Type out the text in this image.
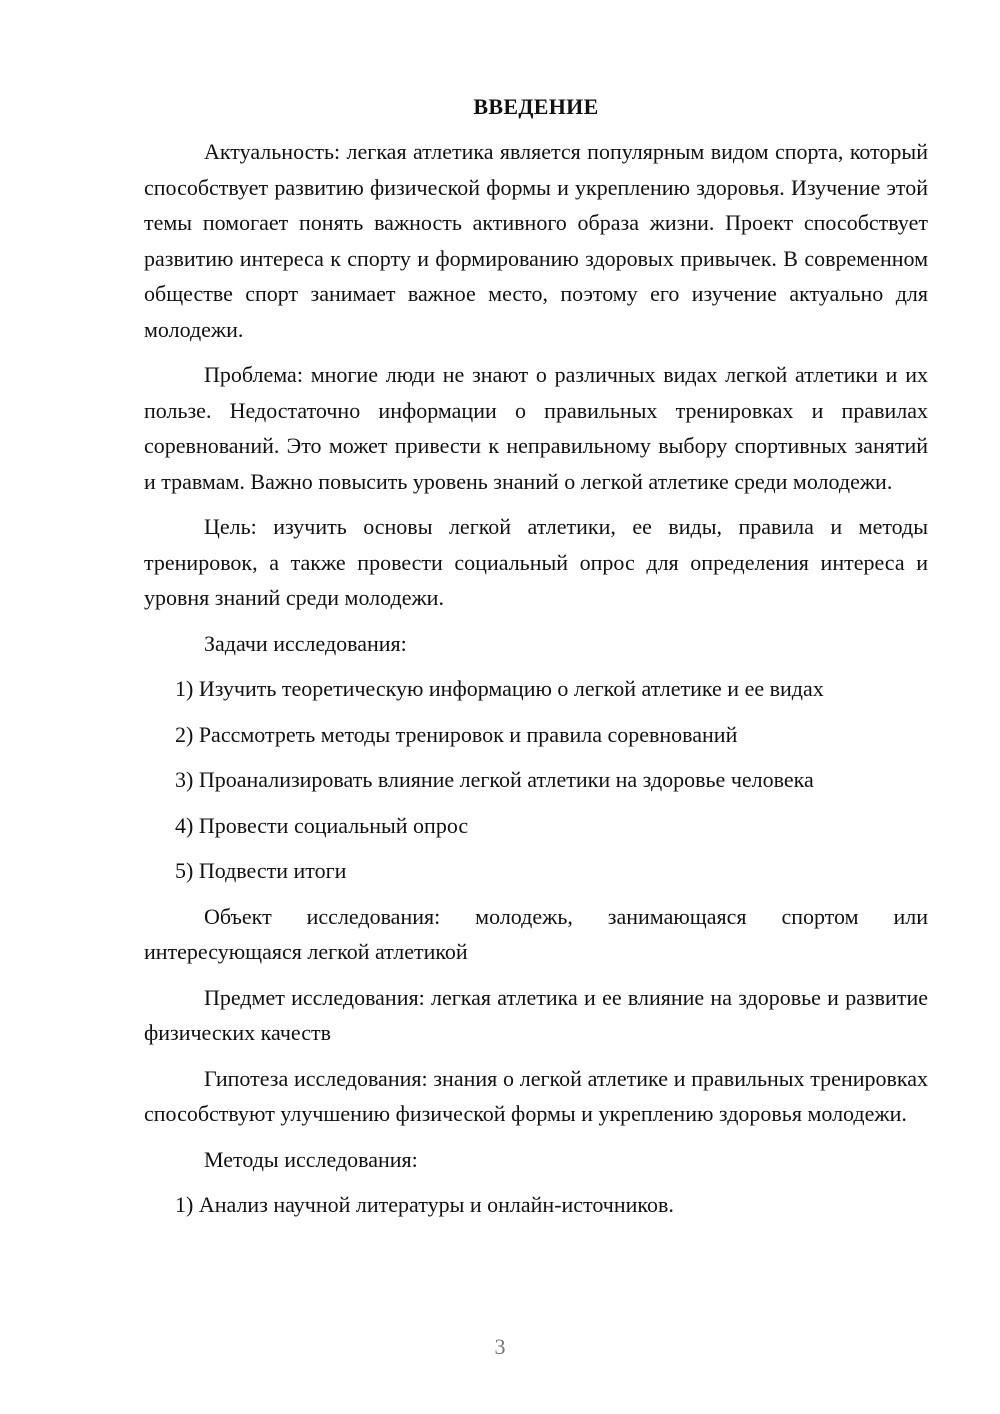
ВВЕДЕНИЕ

Актуальность: легкая атлетика является популярным видом спорта, который способствует развитию физической формы и укреплению здоровья. Изучение этой темы помогает понять важность активного образа жизни. Проект способствует развитию интереса к спорту и формированию здоровых привычек. В современном обществе спорт занимает важное место, поэтому его изучение актуально для молодежи.

Проблема: многие люди не знают о различных видах легкой атлетики и их пользе. Недостаточно информации о правильных тренировках и правилах соревнований. Это может привести к неправильному выбору спортивных занятий и травмам. Важно повысить уровень знаний о легкой атлетике среди молодежи.

Цель: изучить основы легкой атлетики, ее виды, правила и методы тренировок, а также провести социальный опрос для определения интереса и уровня знаний среди молодежи.

Задачи исследования:

1) Изучить теоретическую информацию о легкой атлетике и ее видах
2) Рассмотреть методы тренировок и правила соревнований
3) Проанализировать влияние легкой атлетики на здоровье человека
4) Провести социальный опрос
5) Подвести итоги

Объект исследования: молодежь, занимающаяся спортом или интересующаяся легкой атлетикой

Предмет исследования: легкая атлетика и ее влияние на здоровье и развитие физических качеств

Гипотеза исследования: знания о легкой атлетике и правильных тренировках способствуют улучшению физической формы и укреплению здоровья молодежи.

Методы исследования:

1) Анализ научной литературы и онлайн-источников.
3
